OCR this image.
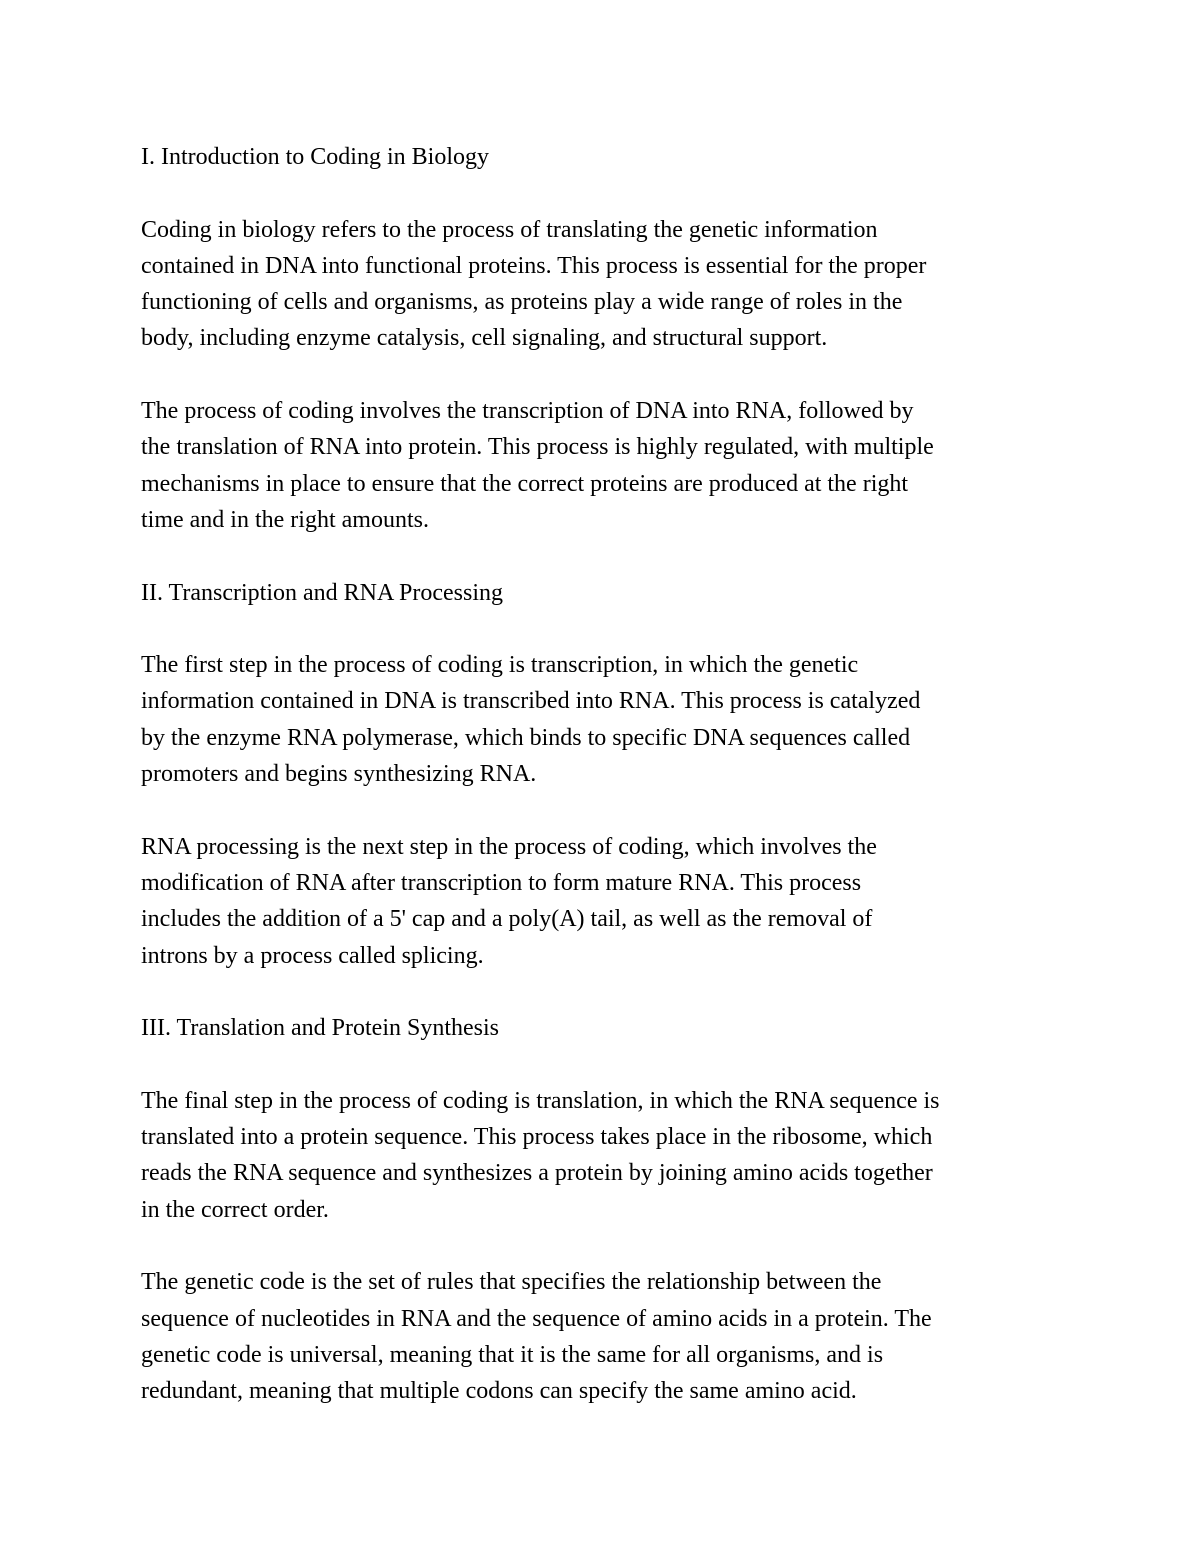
I. Introduction to Coding in Biology

Coding in biology refers to the process of translating the genetic information
contained in DNA into functional proteins. This process is essential for the proper
functioning of cells and organisms, as proteins play a wide range of roles in the
body, including enzyme catalysis, cell signaling, and structural support.

The process of coding involves the transcription of DNA into RNA, followed by
the translation of RNA into protein. This process is highly regulated, with multiple
mechanisms in place to ensure that the correct proteins are produced at the right
time and in the right amounts.

II. Transcription and RNA Processing

The first step in the process of coding is transcription, in which the genetic
information contained in DNA is transcribed into RNA. This process is catalyzed
by the enzyme RNA polymerase, which binds to specific DNA sequences called
promoters and begins synthesizing RNA.

RNA processing is the next step in the process of coding, which involves the
modification of RNA after transcription to form mature RNA. This process
includes the addition of a 5' cap and a poly(A) tail, as well as the removal of
introns by a process called splicing.

III. Translation and Protein Synthesis

The final step in the process of coding is translation, in which the RNA sequence is
translated into a protein sequence. This process takes place in the ribosome, which
reads the RNA sequence and synthesizes a protein by joining amino acids together
in the correct order.

The genetic code is the set of rules that specifies the relationship between the
sequence of nucleotides in RNA and the sequence of amino acids in a protein. The
genetic code is universal, meaning that it is the same for all organisms, and is
redundant, meaning that multiple codons can specify the same amino acid.
